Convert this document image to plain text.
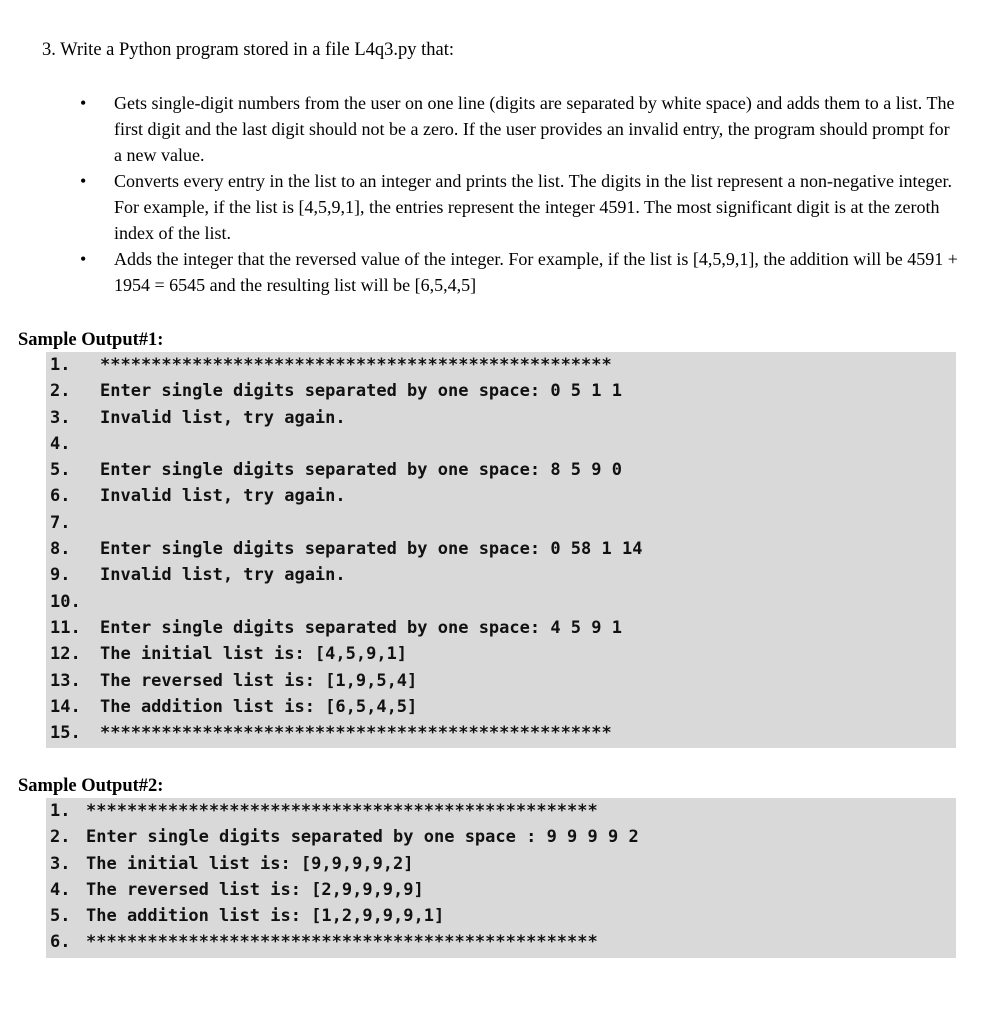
3. Write a Python program stored in a file L4q3.py that:
• Gets single-digit numbers from the user on one line (digits are separated by white space) and adds them to a list. The first digit and the last digit should not be a zero. If the user provides an invalid entry, the program should prompt for a new value.
• Converts every entry in the list to an integer and prints the list. The digits in the list represent a non-negative integer. For example, if the list is [4,5,9,1], the entries represent the integer 4591. The most significant digit is at the zeroth index of the list.
• Adds the integer that the reversed value of the integer. For example, if the list is [4,5,9,1], the addition will be 4591 + 1954 = 6545 and the resulting list will be [6,5,4,5]
Sample Output#1:
1. **************************************************
2. Enter single digits separated by one space: 0 5 1 1
3. Invalid list, try again.
4.
5. Enter single digits separated by one space: 8 5 9 0
6. Invalid list, try again.
7.
8. Enter single digits separated by one space: 0 58 1 14
9. Invalid list, try again.
10.
11. Enter single digits separated by one space: 4 5 9 1
12. The initial list is: [4,5,9,1]
13. The reversed list is: [1,9,5,4]
14. The addition list is: [6,5,4,5]
15. **************************************************
Sample Output#2:
1. **************************************************
2. Enter single digits separated by one space : 9 9 9 9 2
3. The initial list is: [9,9,9,9,2]
4. The reversed list is: [2,9,9,9,9]
5. The addition list is: [1,2,9,9,9,1]
6. **************************************************
